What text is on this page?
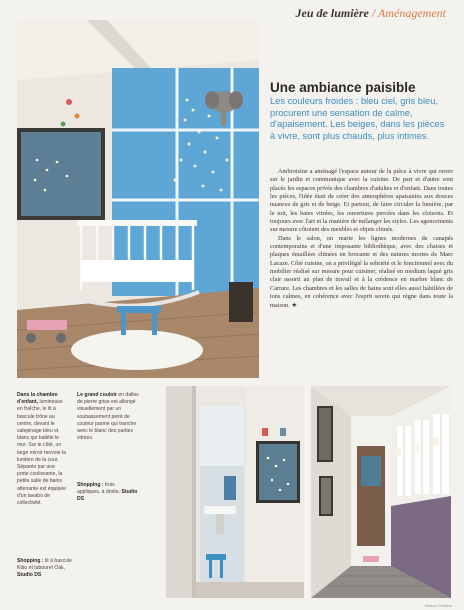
Jeu de lumière / Aménagement
Une ambiance paisible
Les couleurs froides : bleu ciel, gris bleu, procurent une sensation de calme, d'apaisement. Les beiges, dans les pièces à vivre, sont plus chauds, plus intimes.

Ambroisine a aménagé l'espace autour de la pièce à vivre qui ouvre sur le jardin et communique avec la cuisine. De part et d'autre sont placés les espaces privés des chambres d'adultes et d'enfant. Dans toutes les pièces, l'idée était de créer des atmosphères apaisantes aux douces nuances de gris et de beige. Et partout, de faire circuler la lumière, par le toit, les baies vitrées, les ouvertures percées dans les cloisons. Et toujours avec l'art et la manière de mélanger les styles. Les agencements sur mesure côtoient des meubles et objets chinés.

Dans le salon, on marie les lignes modernes de canapés contemporains et d'une imposante bibliothèque, avec des chaises et plaques émaillées chinées en brocante et des natures mortes de Marc Lacaze. Côté cuisine, on a privilégié la sobriété et le fonctionnel avec du mobilier réalisé sur mesure pour cuisiner, réalisé en medium laqué gris clair assorti au plan de travail et à la crédence en marbre blanc de Carrare. Les chambres et les salles de bains sont elles aussi habillées de tons calmes, en cohérence avec l'esprit serein qui règne dans toute la maison. ★

Dans la chambre d'enfant, lumineuse en fraîche, le lit à bascule trône au centre, devant le calepinage bleu et blanc qui habille le mur. Sur le côté, un large miroir renvoie la lumière de la cour. Séparée par une porte coulissante, la petite salle de bains attenante est équipée d'un lavabo de collectivité.
Le grand couloir en dalles de pierre grise est allongé visuellement par un soubassement peint de couleur parme qui tranche avec le blanc des parties vitrées.
Shopping : trois appliques, à droite, Studio DS
Shopping : lit à bascule Kibu et tabouret Oak, Studio DS
Maison Créative
